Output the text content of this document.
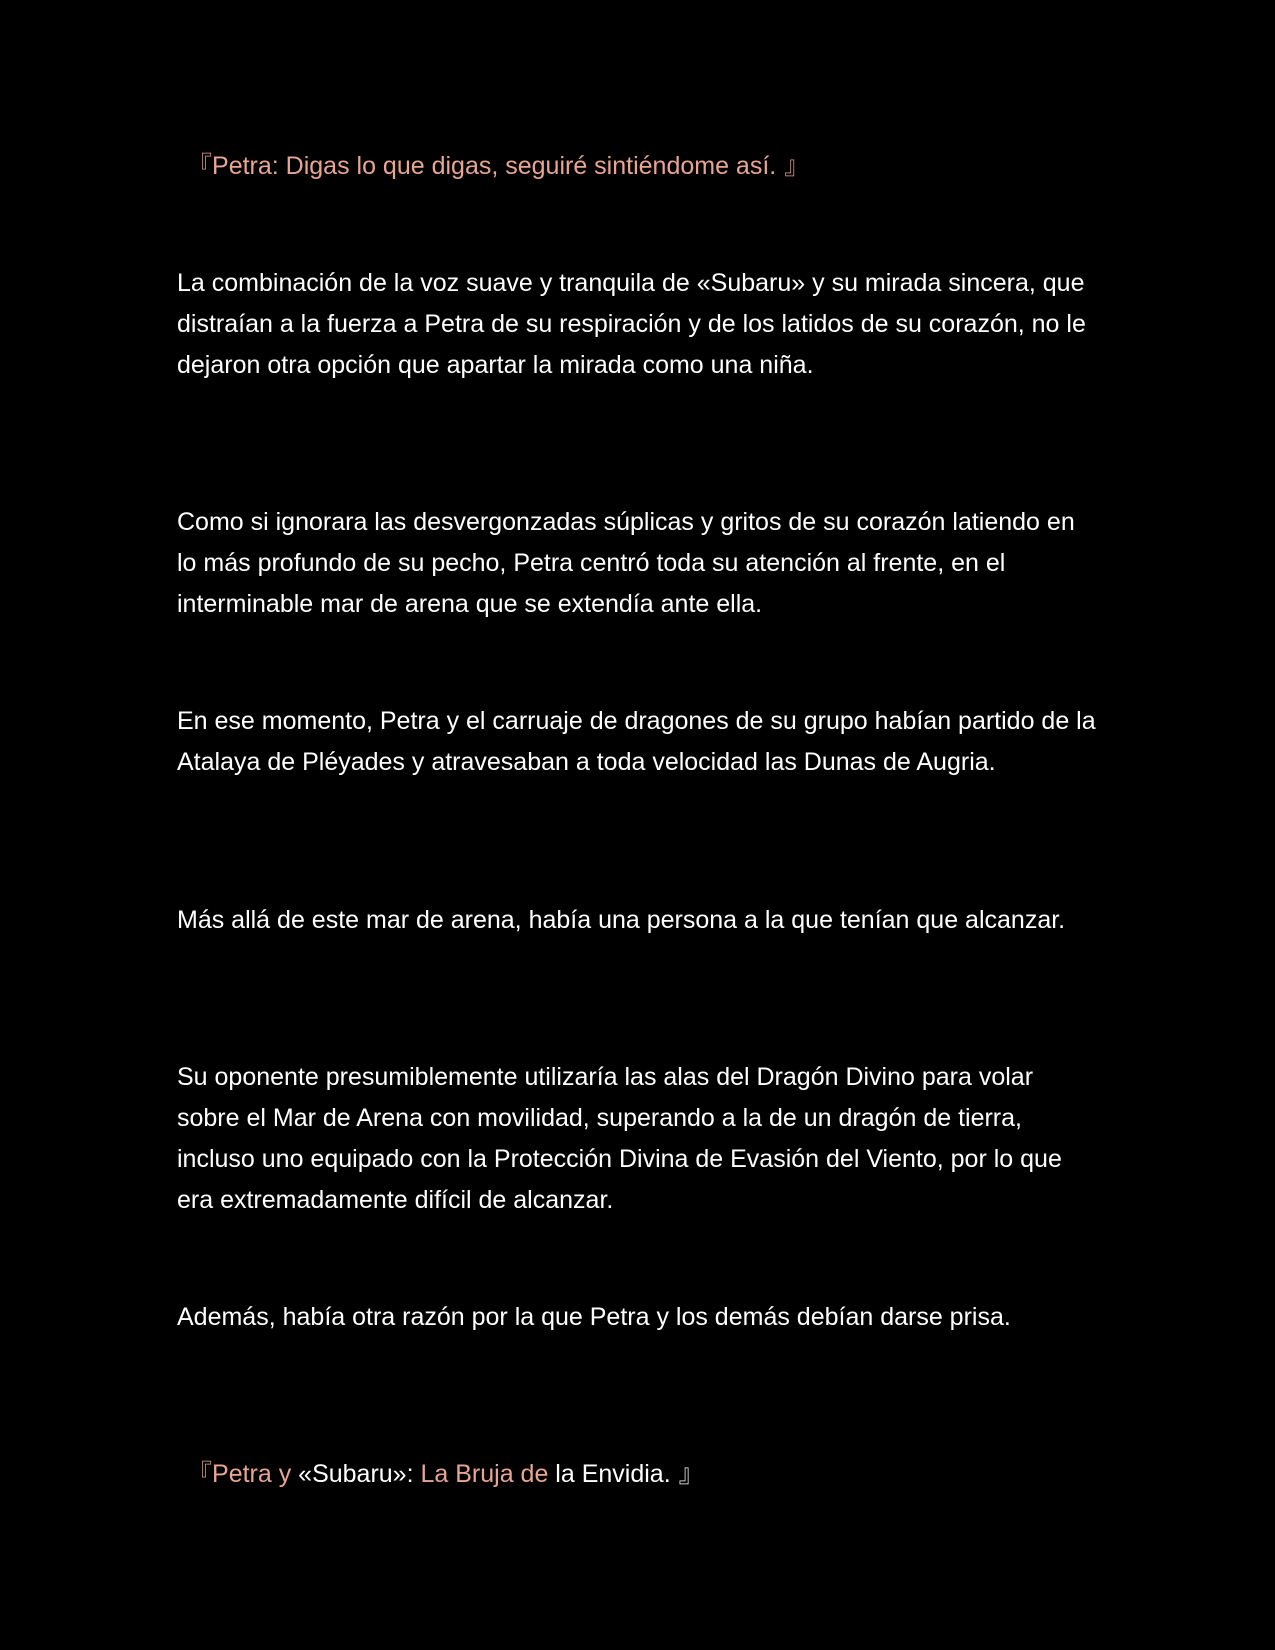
『Petra: Digas lo que digas, seguiré sintiéndome así. 』

La combinación de la voz suave y tranquila de «Subaru» y su mirada sincera, que distraían a la fuerza a Petra de su respiración y de los latidos de su corazón, no le dejaron otra opción que apartar la mirada como una niña.

Como si ignorara las desvergonzadas súplicas y gritos de su corazón latiendo en lo más profundo de su pecho, Petra centró toda su atención al frente, en el interminable mar de arena que se extendía ante ella.

En ese momento, Petra y el carruaje de dragones de su grupo habían partido de la Atalaya de Pléyades y atravesaban a toda velocidad las Dunas de Augria.

Más allá de este mar de arena, había una persona a la que tenían que alcanzar.

Su oponente presumiblemente utilizaría las alas del Dragón Divino para volar sobre el Mar de Arena con movilidad, superando a la de un dragón de tierra, incluso uno equipado con la Protección Divina de Evasión del Viento, por lo que era extremadamente difícil de alcanzar.

Además, había otra razón por la que Petra y los demás debían darse prisa.

『Petra y «Subaru»: La Bruja de la Envidia. 』
